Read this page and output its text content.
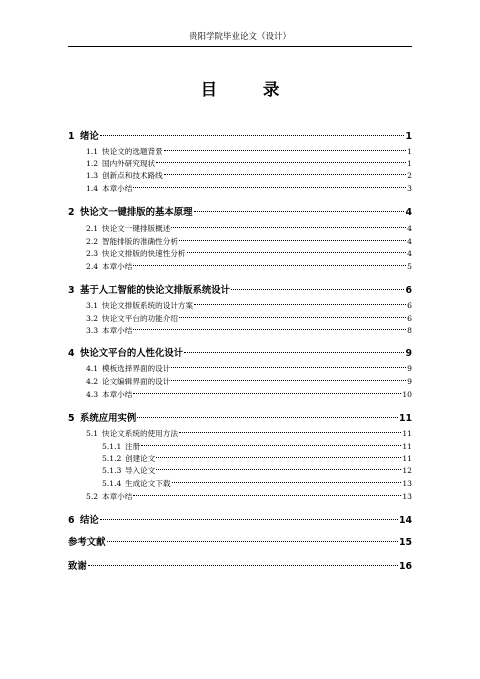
贵阳学院毕业论文（设计）
目 录
1 绪论	1
1.1 快论文的选题背景	1
1.2 国内外研究现状	1
1.3 创新点和技术路线	2
1.4 本章小结	3
2 快论文一键排版的基本原理	4
2.1 快论文一键排版概述	4
2.2 智能排版的准确性分析	4
2.3 快论文排版的快速性分析	4
2.4 本章小结	5
3 基于人工智能的快论文排版系统设计	6
3.1 快论文排版系统的设计方案	6
3.2 快论文平台的功能介绍	6
3.3 本章小结	8
4 快论文平台的人性化设计	9
4.1 模板选择界面的设计	9
4.2 论文编辑界面的设计	9
4.3 本章小结	10
5 系统应用实例	11
5.1 快论文系统的使用方法	11
5.1.1 注册	11
5.1.2 创建论文	11
5.1.3 导入论文	12
5.1.4 生成论文下载	13
5.2 本章小结	13
6 结论	14
参考文献	15
致谢	16
